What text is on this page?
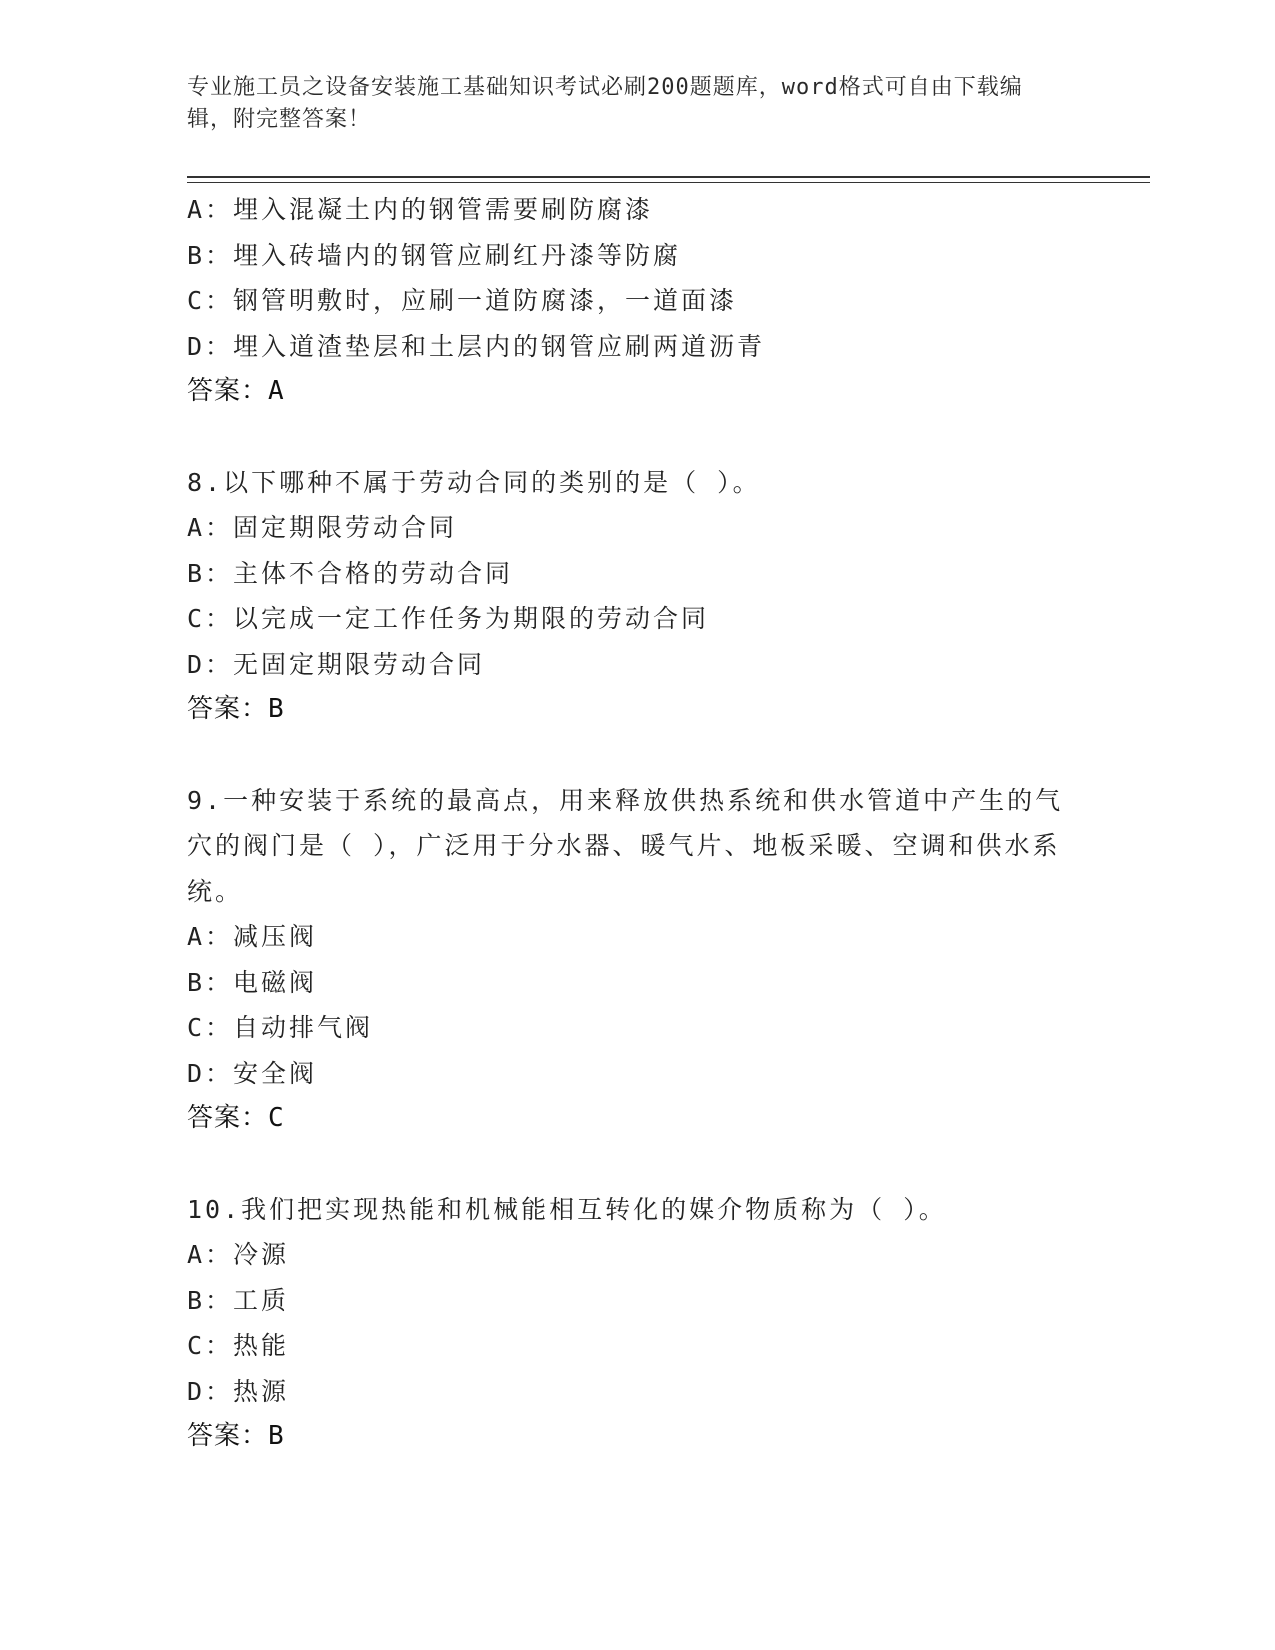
专业施工员之设备安装施工基础知识考试必刷200题题库，word格式可自由下载编辑，附完整答案！
A：埋入混凝土内的钢管需要刷防腐漆
B：埋入砖墙内的钢管应刷红丹漆等防腐
C：钢管明敷时，应刷一道防腐漆，一道面漆
D：埋入道渣垫层和土层内的钢管应刷两道沥青
答案：A
8.以下哪种不属于劳动合同的类别的是（ ）。
A：固定期限劳动合同
B：主体不合格的劳动合同
C：以完成一定工作任务为期限的劳动合同
D：无固定期限劳动合同
答案：B
9.一种安装于系统的最高点，用来释放供热系统和供水管道中产生的气穴的阀门是（ ），广泛用于分水器、暖气片、地板采暖、空调和供水系统。
A：减压阀
B：电磁阀
C：自动排气阀
D：安全阀
答案：C
10.我们把实现热能和机械能相互转化的媒介物质称为（ ）。
A：冷源
B：工质
C：热能
D：热源
答案：B
